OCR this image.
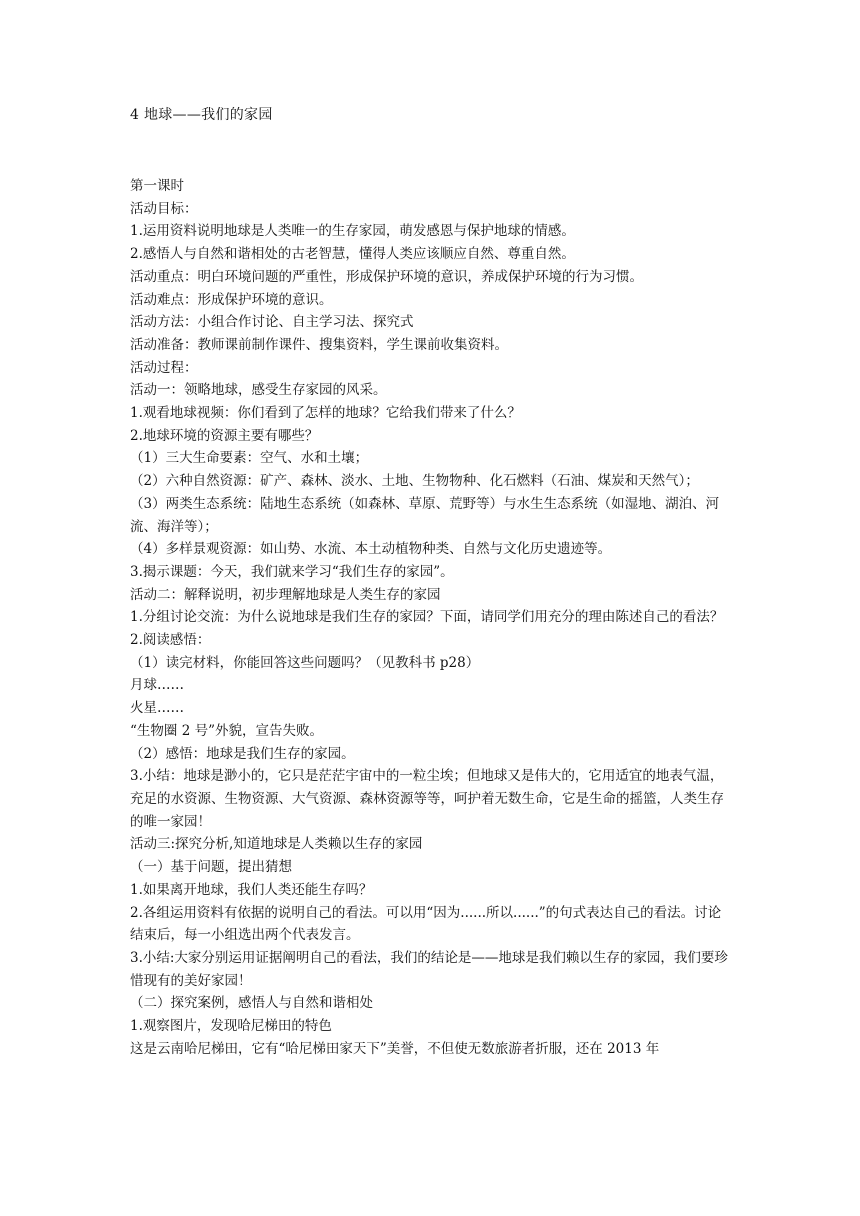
4 地球——我们的家园

第一课时

活动目标：

1.运用资料说明地球是人类唯一的生存家园，萌发感恩与保护地球的情感。

2.感悟人与自然和谐相处的古老智慧，懂得人类应该顺应自然、尊重自然。

活动重点：明白环境问题的严重性，形成保护环境的意识，养成保护环境的行为习惯。

活动难点：形成保护环境的意识。

活动方法：小组合作讨论、自主学习法、探究式

活动准备：教师课前制作课件、搜集资料，学生课前收集资料。

活动过程：

活动一：领略地球，感受生存家园的风采。

1.观看地球视频：你们看到了怎样的地球？它给我们带来了什么？

2.地球环境的资源主要有哪些？

（1）三大生命要素：空气、水和土壤；

（2）六种自然资源：矿产、森林、淡水、土地、生物物种、化石燃料（石油、煤炭和天然气）；

（3）两类生态系统：陆地生态系统（如森林、草原、荒野等）与水生生态系统（如湿地、湖泊、河流、海洋等）；

（4）多样景观资源：如山势、水流、本土动植物种类、自然与文化历史遗迹等。

3.揭示课题：今天，我们就来学习“我们生存的家园”。

活动二：解释说明，初步理解地球是人类生存的家园

1.分组讨论交流：为什么说地球是我们生存的家园？下面，请同学们用充分的理由陈述自己的看法？

2.阅读感悟：

（1）读完材料，你能回答这些问题吗？（见教科书 p28）

月球……

火星……

“生物圈 2 号”外貌，宣告失败。

（2）感悟：地球是我们生存的家园。

3.小结：地球是渺小的，它只是茫茫宇宙中的一粒尘埃；但地球又是伟大的，它用适宜的地表气温，充足的水资源、生物资源、大气资源、森林资源等等，呵护着无数生命，它是生命的摇篮，人类生存的唯一家园！

活动三:探究分析,知道地球是人类赖以生存的家园

（一）基于问题，提出猜想

1.如果离开地球，我们人类还能生存吗？

2.各组运用资料有依据的说明自己的看法。可以用“因为......所以......”的句式表达自己的看法。讨论结束后，每一小组选出两个代表发言。

3.小结:大家分别运用证据阐明自己的看法，我们的结论是——地球是我们赖以生存的家园，我们要珍惜现有的美好家园！

（二）探究案例，感悟人与自然和谐相处

1.观察图片，发现哈尼梯田的特色

这是云南哈尼梯田，它有“哈尼梯田家天下”美誉，不但使无数旅游者折服，还在 2013 年
